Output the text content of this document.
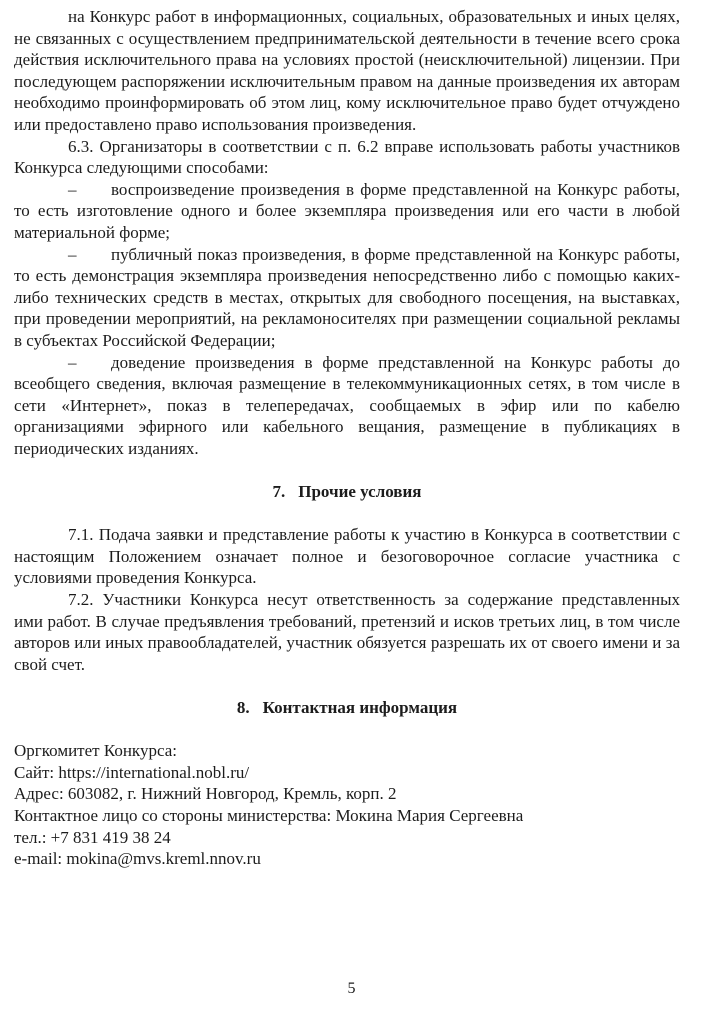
на Конкурс работ в информационных, социальных, образовательных и иных целях, не связанных с осуществлением предпринимательской деятельности в течение всего срока действия исключительного права на условиях простой (неисключительной) лицензии. При последующем распоряжении исключительным правом на данные произведения их авторам необходимо проинформировать об этом лиц, кому исключительное право будет отчуждено или предоставлено право использования произведения.

6.3. Организаторы в соответствии с п. 6.2 вправе использовать работы участников Конкурса следующими способами:

– воспроизведение произведения в форме представленной на Конкурс работы, то есть изготовление одного и более экземпляра произведения или его части в любой материальной форме;

– публичный показ произведения, в форме представленной на Конкурс работы, то есть демонстрация экземпляра произведения непосредственно либо с помощью каких-либо технических средств в местах, открытых для свободного посещения, на выставках, при проведении мероприятий, на рекламоносителях при размещении социальной рекламы в субъектах Российской Федерации;

– доведение произведения в форме представленной на Конкурс работы до всеобщего сведения, включая размещение в телекоммуникационных сетях, в том числе в сети «Интернет», показ в телепередачах, сообщаемых в эфир или по кабелю организациями эфирного или кабельного вещания, размещение в публикациях в периодических изданиях.

7. Прочие условия

7.1. Подача заявки и представление работы к участию в Конкурса в соответствии с настоящим Положением означает полное и безоговорочное согласие участника с условиями проведения Конкурса.

7.2. Участники Конкурса несут ответственность за содержание представленных ими работ. В случае предъявления требований, претензий и исков третьих лиц, в том числе авторов или иных правообладателей, участник обязуется разрешать их от своего имени и за свой счет.

8. Контактная информация

Оргкомитет Конкурса:

Сайт: https://international.nobl.ru/

Адрес: 603082, г. Нижний Новгород, Кремль, корп. 2

Контактное лицо со стороны министерства: Мокина Мария Сергеевна

тел.: +7 831 419 38 24

e-mail: mokina@mvs.kreml.nnov.ru

5
